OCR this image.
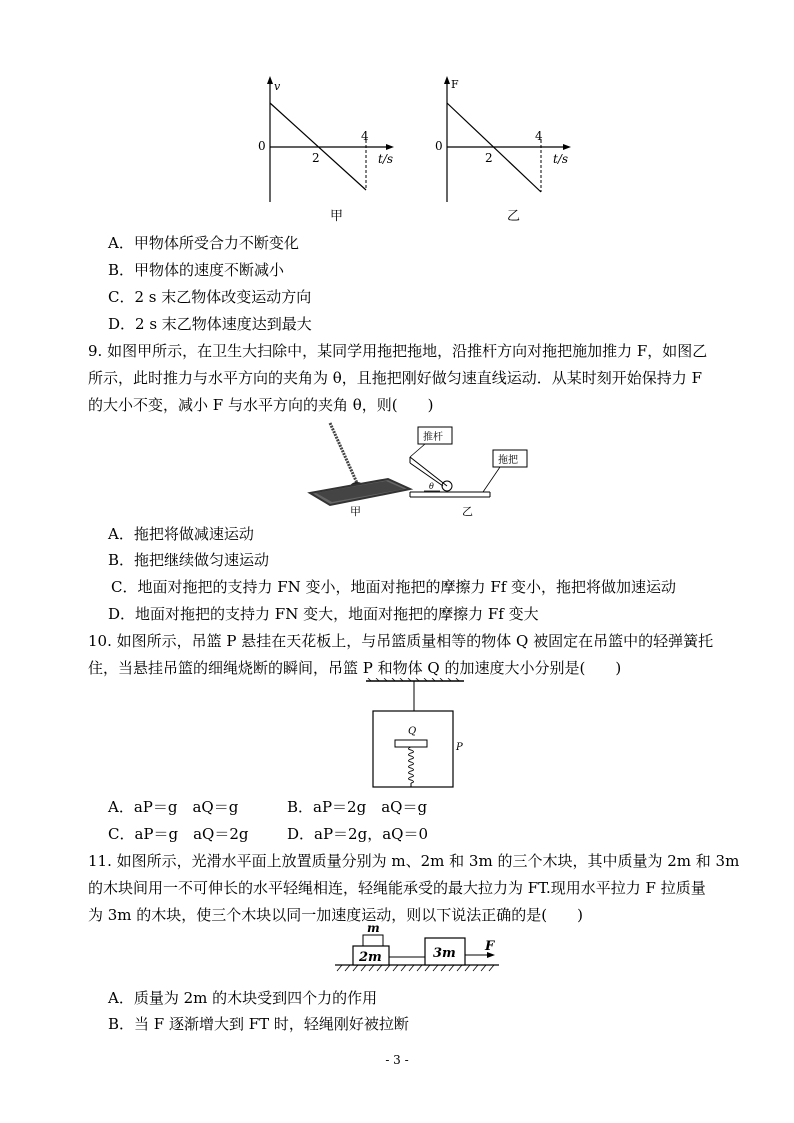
v
0
2
4
t/s
甲
F
0
2
4
t/s
乙
A．甲物体所受合力不断变化
B．甲物体的速度不断减小
C．2 s 末乙物体改变运动方向
D．2 s 末乙物体速度达到最大
9. 如图甲所示，在卫生大扫除中，某同学用拖把拖地，沿推杆方向对拖把施加推力 F，如图乙
所示，此时推力与水平方向的夹角为 θ，且拖把刚好做匀速直线运动．从某时刻开始保持力 F
的大小不变，减小 F 与水平方向的夹角 θ，则(　　)
甲
θ
推杆
拖把
乙
A．拖把将做减速运动
B．拖把继续做匀速运动
C．地面对拖把的支持力 FN 变小，地面对拖把的摩擦力 Ff 变小，拖把将做加速运动
D．地面对拖把的支持力 FN 变大，地面对拖把的摩擦力 Ff 变大
10. 如图所示，吊篮 P 悬挂在天花板上，与吊篮质量相等的物体 Q 被固定在吊篮中的轻弹簧托
住，当悬挂吊篮的细绳烧断的瞬间，吊篮 P 和物体 Q 的加速度大小分别是(　　)
Q
P
A．aP＝g　aQ＝g	B．aP＝2g　aQ＝g
C．aP＝g　aQ＝2g	D．aP＝2g，aQ＝0
11. 如图所示，光滑水平面上放置质量分别为 m、2m 和 3m 的三个木块，其中质量为 2m 和 3m
的木块间用一不可伸长的水平轻绳相连，轻绳能承受的最大拉力为 FT.现用水平拉力 F 拉质量
为 3m 的木块，使三个木块以同一加速度运动，则以下说法正确的是(　　)
m
2m	3m F
A．质量为 2m 的木块受到四个力的作用
B．当 F 逐渐增大到 FT 时，轻绳刚好被拉断
- 3 -
